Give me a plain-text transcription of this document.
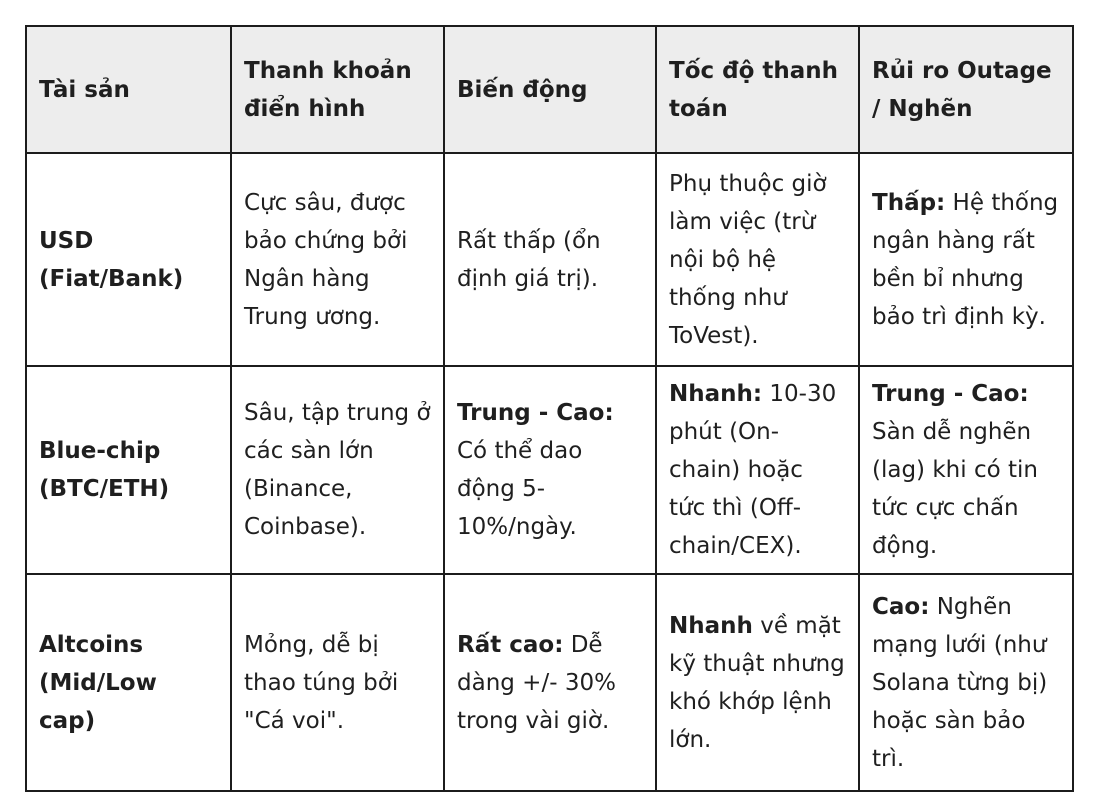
Tài sản	Thanh khoản điển hình	Biến động	Tốc độ thanh toán	Rủi ro Outage / Nghẽn
USD (Fiat/Bank)	Cực sâu, được bảo chứng bởi Ngân hàng Trung ương.	Rất thấp (ổn định giá trị).	Phụ thuộc giờ làm việc (trừ nội bộ hệ thống như ToVest).	Thấp: Hệ thống ngân hàng rất bền bỉ nhưng bảo trì định kỳ.
Blue-chip (BTC/ETH)	Sâu, tập trung ở các sàn lớn (Binance, Coinbase).	Trung - Cao: Có thể dao động 5-10%/ngày.	Nhanh: 10-30 phút (On-chain) hoặc tức thì (Off-chain/CEX).	Trung - Cao: Sàn dễ nghẽn (lag) khi có tin tức cực chấn động.
Altcoins (Mid/Low cap)	Mỏng, dễ bị thao túng bởi "Cá voi".	Rất cao: Dễ dàng +/- 30% trong vài giờ.	Nhanh về mặt kỹ thuật nhưng khó khớp lệnh lớn.	Cao: Nghẽn mạng lưới (như Solana từng bị) hoặc sàn bảo trì.
